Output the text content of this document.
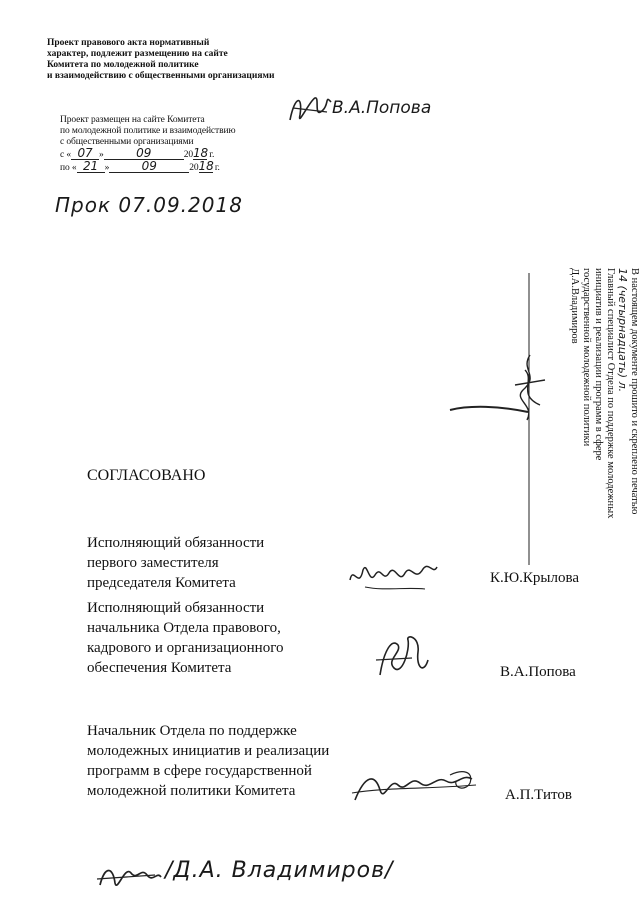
Проект правового акта нормативный
характер, подлежит размещению на сайте
Комитета по молодежной политике
и взаимодействию с общественными организациями
В.А.Попова
Проект размещен на сайте Комитета
по молодежной политике и взаимодействию
с общественными организациями
с « 07 »	09	2018 г.
по « 21 »	09	2018 г.
Прок 07.09.2018
В настоящем документе прошито и скреплено печатью
14 (четырнадцать) л.
Главный специалист Отдела по поддержке молодежных
инициатив и реализации программ в сфере
государственной молодежной политики
Д.А.Владимиров
СОГЛАСОВАНО
Исполняющий обязанности
первого заместителя
председателя Комитета	К.Ю.Крылова
Исполняющий обязанности
начальника Отдела правового,
кадрового и организационного
обеспечения Комитета	В.А.Попова
Начальник Отдела по поддержке
молодежных инициатив и реализации
программ в сфере государственной
молодежной политики Комитета	А.П.Титов
/Д.А. Владимиров/
